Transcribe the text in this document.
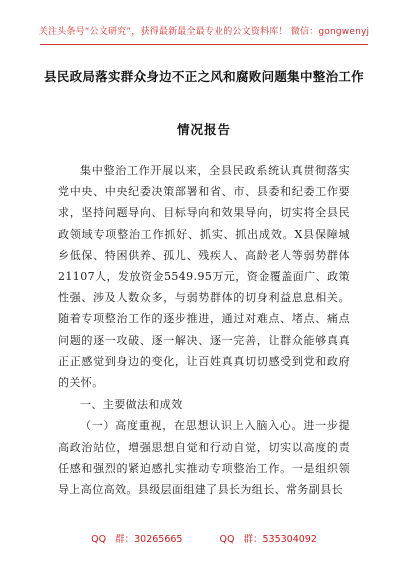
关注头条号“公文研究”，获得最新最全最专业的公文资料库！ 微信：gongwenyj
县民政局落实群众身边不正之风和腐败问题集中整治工作
情况报告

集中整治工作开展以来，全县民政系统认真贯彻落实党中央、中央纪委决策部署和省、市、县委和纪委工作要求，坚持问题导向、目标导向和效果导向，切实将全县民政领域专项整治工作抓好、抓实、抓出成效。X县保障城乡低保、特困供养、孤儿、残疾人、高龄老人等弱势群体21107人，发放资金5549.95万元，资金覆盖面广、政策性强、涉及人数众多，与弱势群体的切身利益息息相关。随着专项整治工作的逐步推进，通过对难点、堵点、痛点问题的逐一攻破、逐一解决、逐一完善，让群众能够真真正正感觉到身边的变化，让百姓真真切切感受到党和政府的关怀。

一、主要做法和成效

（一）高度重视，在思想认识上入脑入心。进一步提高政治站位，增强思想自觉和行动自觉，切实以高度的责任感和强烈的紧迫感扎实推动专项整治工作。一是组织领导上高位高效。县级层面组建了县长为组长、常务副县长

QQ 群：30265665	QQ 群：535304092
